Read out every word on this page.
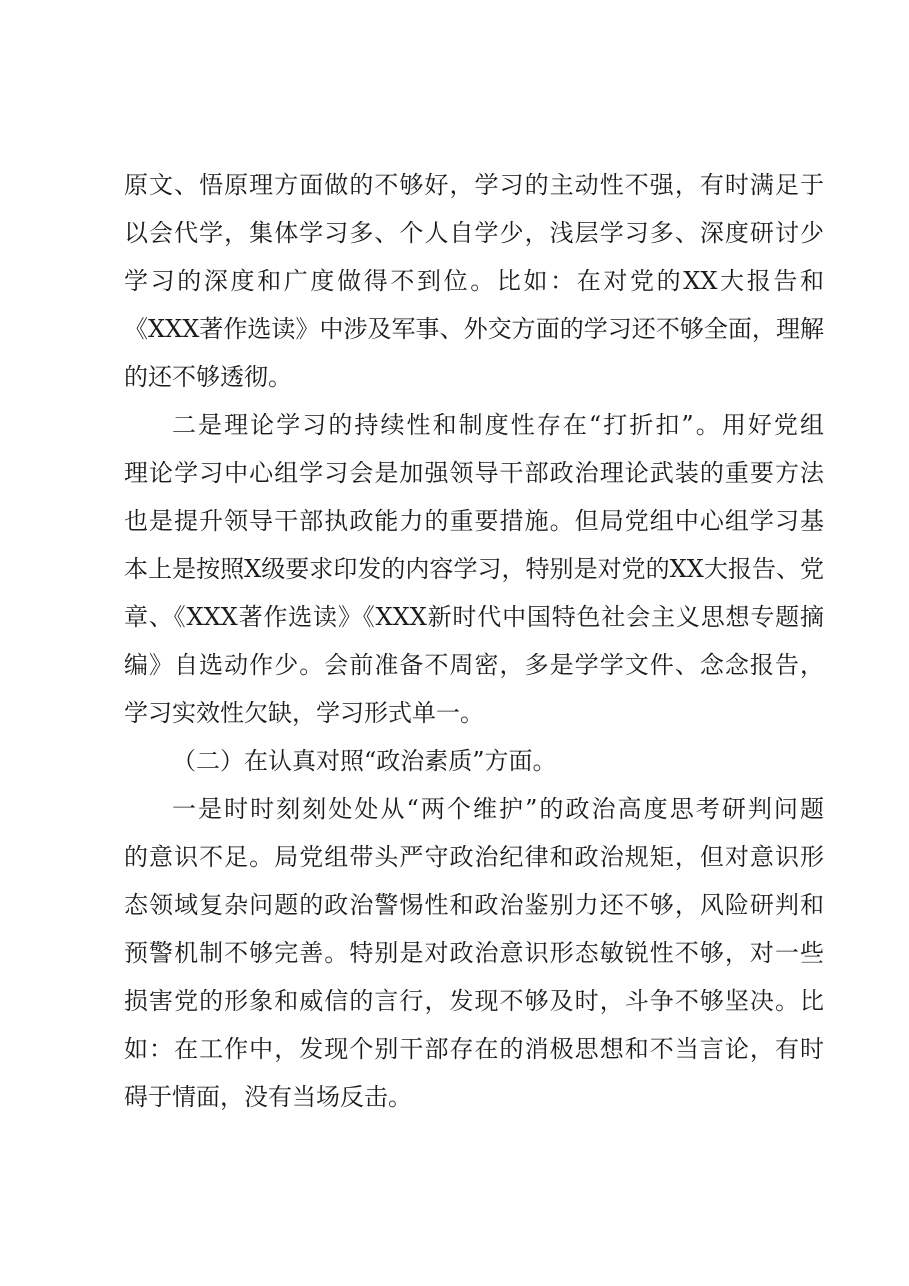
原文、悟原理方面做的不够好，学习的主动性不强，有时满足于
以会代学，集体学习多、个人自学少，浅层学习多、深度研讨少
学习的深度和广度做得不到位。比如：在对党的XX大报告和
《XXX著作选读》中涉及军事、外交方面的学习还不够全面，理解
的还不够透彻。
二是理论学习的持续性和制度性存在“打折扣”。用好党组
理论学习中心组学习会是加强领导干部政治理论武装的重要方法
也是提升领导干部执政能力的重要措施。但局党组中心组学习基
本上是按照X级要求印发的内容学习，特别是对党的XX大报告、党
章、《XXX著作选读》《XXX新时代中国特色社会主义思想专题摘
编》自选动作少。会前准备不周密，多是学学文件、念念报告，
学习实效性欠缺，学习形式单一。
（二）在认真对照“政治素质”方面。
一是时时刻刻处处从“两个维护”的政治高度思考研判问题
的意识不足。局党组带头严守政治纪律和政治规矩，但对意识形
态领域复杂问题的政治警惕性和政治鉴别力还不够，风险研判和
预警机制不够完善。特别是对政治意识形态敏锐性不够，对一些
损害党的形象和威信的言行，发现不够及时，斗争不够坚决。比
如：在工作中，发现个别干部存在的消极思想和不当言论，有时
碍于情面，没有当场反击。
